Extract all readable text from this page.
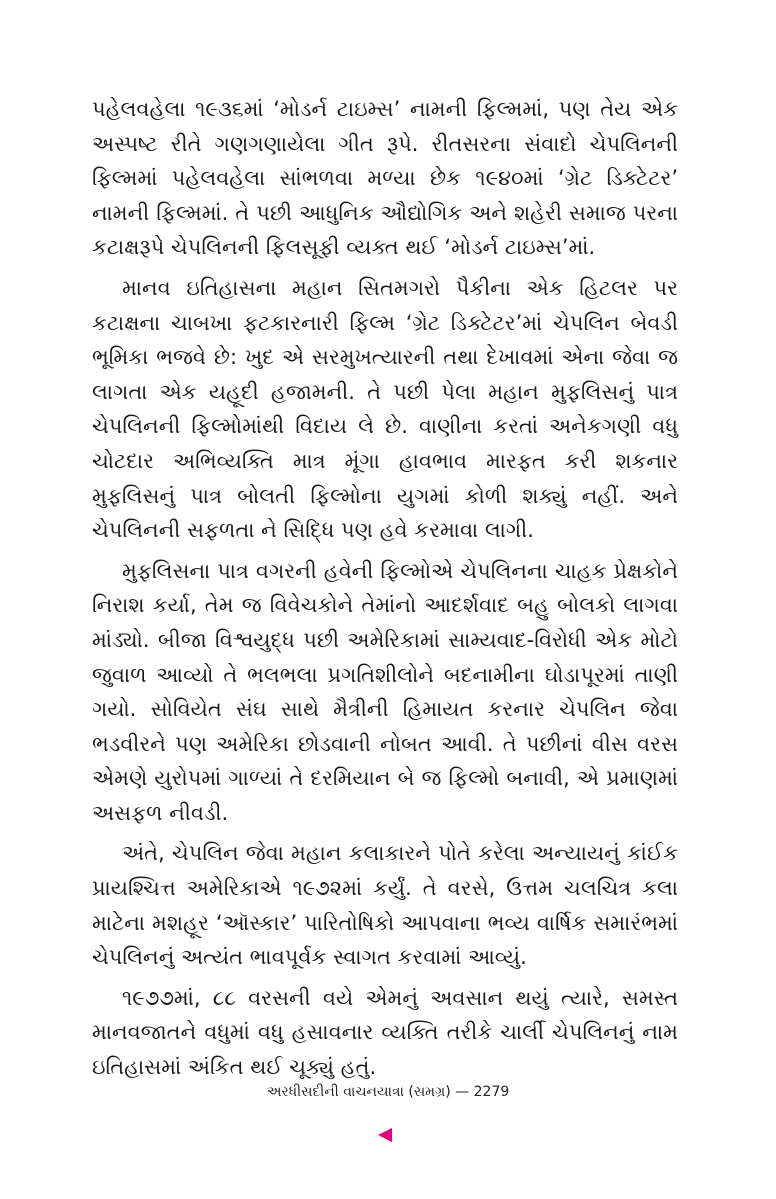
પહેલવહેલા ૧૯૩૬માં ‘મોડર્ન ટાઇમ્સ’ નામની ફિલ્મમાં, પણ તેય એક અસ્પષ્ટ રીતે ગણગણાયેલા ગીત રૂપે. રીતસરના સંવાદો ચેપલિનની ફિલ્મમાં પહેલવહેલા સાંભળવા મળ્યા છેક ૧૯૪૦માં ‘ગ્રેટ ડિક્ટેટર’ નામની ફિલ્મમાં. તે પછી આધુનિક ઔદ્યોગિક અને શહેરી સમાજ પરના કટાક્ષરૂપે ચેપલિનની ફિલસૂફી વ્યક્ત થઈ ‘મોડર્ન ટાઇમ્સ’માં.

માનવ ઇતિહાસના મહાન સિતમગરો પૈકીના એક હિટલર પર કટાક્ષના ચાબખા ફટકારનારી ફિલ્મ ‘ગ્રેટ ડિક્ટેટર’માં ચેપલિન બેવડી ભૂમિકા ભજવે છે: ખુદ એ સરમુખત્યારની તથા દેખાવમાં એના જેવા જ લાગતા એક યહૂદી હજામની. તે પછી પેલા મહાન મુફલિસનું પાત્ર ચેપલિનની ફિલ્મોમાંથી વિદાય લે છે. વાણીના કરતાં અનેકગણી વધુ ચોટદાર અભિવ્યક્તિ માત્ર મૂંગા હાવભાવ મારફત કરી શકનાર મુફલિસનું પાત્ર બોલતી ફિલ્મોના યુગમાં કોળી શક્યું નહીં. અને ચેપલિનની સફળતા ને સિદ્ધિ પણ હવે કરમાવા લાગી.

મુફલિસના પાત્ર વગરની હવેની ફિલ્મોએ ચેપલિનના ચાહક પ્રેક્ષકોને નિરાશ કર્યા, તેમ જ વિવેચકોને તેમાંનો આદર્શવાદ બહુ બોલકો લાગવા માંડ્યો. બીજા વિશ્વયુદ્ધ પછી અમેરિકામાં સામ્યવાદ-વિરોધી એક મોટો જુવાળ આવ્યો તે ભલભલા પ્રગતિશીલોને બદનામીના ઘોડાપૂરમાં તાણી ગયો. સોવિયેત સંઘ સાથે મૈત્રીની હિમાયત કરનાર ચેપલિન જેવા ભડવીરને પણ અમેરિકા છોડવાની નોબત આવી. તે પછીનાં વીસ વરસ એમણે યુરોપમાં ગાળ્યાં તે દરમિયાન બે જ ફિલ્મો બનાવી, એ પ્રમાણમાં અસફળ નીવડી.

અંતે, ચેપલિન જેવા મહાન કલાકારને પોતે કરેલા અન્યાયનું કાંઈક પ્રાયશ્ચિત્ત અમેરિકાએ ૧૯૭૨માં કર્યું. તે વરસે, ઉત્તમ ચલચિત્ર કલા માટેના મશહૂર ‘ઑસ્કાર’ પારિતોષિકો આપવાના ભવ્ય વાર્ષિક સમારંભમાં ચેપલિનનું અત્યંત ભાવપૂર્વક સ્વાગત કરવામાં આવ્યું.

૧૯૭૭માં, ૮૮ વરસની વયે એમનું અવસાન થયું ત્યારે, સમસ્ત માનવજાતને વધુમાં વધુ હસાવનાર વ્યક્તિ તરીકે ચાર્લી ચેપલિનનું નામ ઇતિહાસમાં અંકિત થઈ ચૂક્યું હતું.

અરધીસદીની વાચનયાત્રા (સમગ્ર) — 2279
